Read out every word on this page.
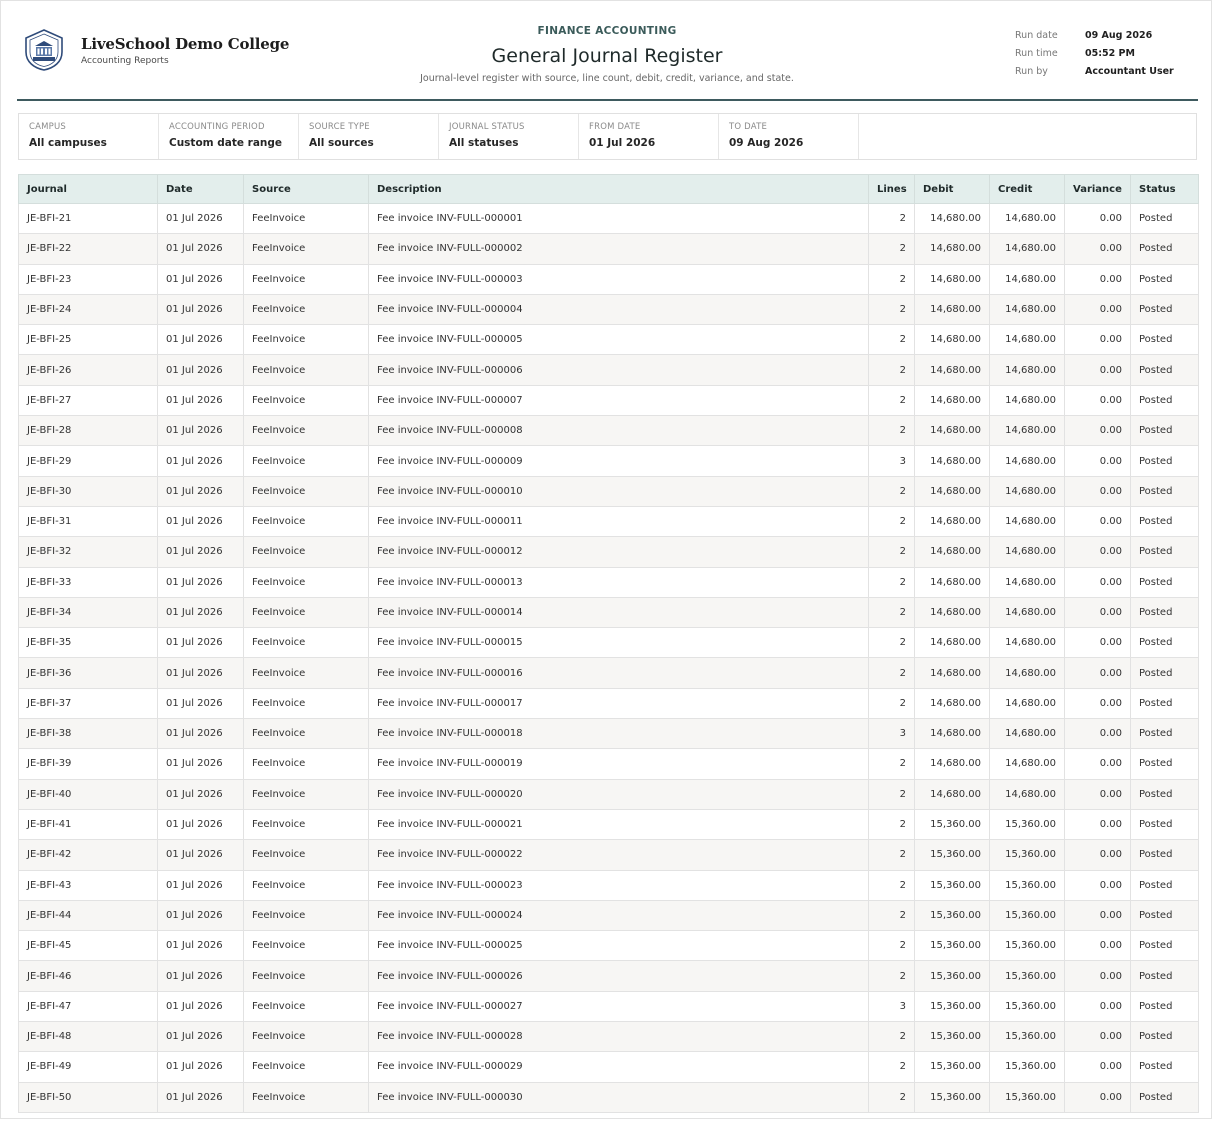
LiveSchool Demo College
Accounting Reports
FINANCE ACCOUNTING
General Journal Register
Journal-level register with source, line count, debit, credit, variance, and state.
Run date	09 Aug 2026
Run time	05:52 PM
Run by	Accountant User
CAMPUS
All campuses
ACCOUNTING PERIOD
Custom date range
SOURCE TYPE
All sources
JOURNAL STATUS
All statuses
FROM DATE
01 Jul 2026
TO DATE
09 Aug 2026
Journal	Date	Source	Description	Lines	Debit	Credit	Variance	Status
JE-BFI-21	01 Jul 2026	FeeInvoice	Fee invoice INV-FULL-000001	2	14,680.00	14,680.00	0.00	Posted
JE-BFI-22	01 Jul 2026	FeeInvoice	Fee invoice INV-FULL-000002	2	14,680.00	14,680.00	0.00	Posted
JE-BFI-23	01 Jul 2026	FeeInvoice	Fee invoice INV-FULL-000003	2	14,680.00	14,680.00	0.00	Posted
JE-BFI-24	01 Jul 2026	FeeInvoice	Fee invoice INV-FULL-000004	2	14,680.00	14,680.00	0.00	Posted
JE-BFI-25	01 Jul 2026	FeeInvoice	Fee invoice INV-FULL-000005	2	14,680.00	14,680.00	0.00	Posted
JE-BFI-26	01 Jul 2026	FeeInvoice	Fee invoice INV-FULL-000006	2	14,680.00	14,680.00	0.00	Posted
JE-BFI-27	01 Jul 2026	FeeInvoice	Fee invoice INV-FULL-000007	2	14,680.00	14,680.00	0.00	Posted
JE-BFI-28	01 Jul 2026	FeeInvoice	Fee invoice INV-FULL-000008	2	14,680.00	14,680.00	0.00	Posted
JE-BFI-29	01 Jul 2026	FeeInvoice	Fee invoice INV-FULL-000009	3	14,680.00	14,680.00	0.00	Posted
JE-BFI-30	01 Jul 2026	FeeInvoice	Fee invoice INV-FULL-000010	2	14,680.00	14,680.00	0.00	Posted
JE-BFI-31	01 Jul 2026	FeeInvoice	Fee invoice INV-FULL-000011	2	14,680.00	14,680.00	0.00	Posted
JE-BFI-32	01 Jul 2026	FeeInvoice	Fee invoice INV-FULL-000012	2	14,680.00	14,680.00	0.00	Posted
JE-BFI-33	01 Jul 2026	FeeInvoice	Fee invoice INV-FULL-000013	2	14,680.00	14,680.00	0.00	Posted
JE-BFI-34	01 Jul 2026	FeeInvoice	Fee invoice INV-FULL-000014	2	14,680.00	14,680.00	0.00	Posted
JE-BFI-35	01 Jul 2026	FeeInvoice	Fee invoice INV-FULL-000015	2	14,680.00	14,680.00	0.00	Posted
JE-BFI-36	01 Jul 2026	FeeInvoice	Fee invoice INV-FULL-000016	2	14,680.00	14,680.00	0.00	Posted
JE-BFI-37	01 Jul 2026	FeeInvoice	Fee invoice INV-FULL-000017	2	14,680.00	14,680.00	0.00	Posted
JE-BFI-38	01 Jul 2026	FeeInvoice	Fee invoice INV-FULL-000018	3	14,680.00	14,680.00	0.00	Posted
JE-BFI-39	01 Jul 2026	FeeInvoice	Fee invoice INV-FULL-000019	2	14,680.00	14,680.00	0.00	Posted
JE-BFI-40	01 Jul 2026	FeeInvoice	Fee invoice INV-FULL-000020	2	14,680.00	14,680.00	0.00	Posted
JE-BFI-41	01 Jul 2026	FeeInvoice	Fee invoice INV-FULL-000021	2	15,360.00	15,360.00	0.00	Posted
JE-BFI-42	01 Jul 2026	FeeInvoice	Fee invoice INV-FULL-000022	2	15,360.00	15,360.00	0.00	Posted
JE-BFI-43	01 Jul 2026	FeeInvoice	Fee invoice INV-FULL-000023	2	15,360.00	15,360.00	0.00	Posted
JE-BFI-44	01 Jul 2026	FeeInvoice	Fee invoice INV-FULL-000024	2	15,360.00	15,360.00	0.00	Posted
JE-BFI-45	01 Jul 2026	FeeInvoice	Fee invoice INV-FULL-000025	2	15,360.00	15,360.00	0.00	Posted
JE-BFI-46	01 Jul 2026	FeeInvoice	Fee invoice INV-FULL-000026	2	15,360.00	15,360.00	0.00	Posted
JE-BFI-47	01 Jul 2026	FeeInvoice	Fee invoice INV-FULL-000027	3	15,360.00	15,360.00	0.00	Posted
JE-BFI-48	01 Jul 2026	FeeInvoice	Fee invoice INV-FULL-000028	2	15,360.00	15,360.00	0.00	Posted
JE-BFI-49	01 Jul 2026	FeeInvoice	Fee invoice INV-FULL-000029	2	15,360.00	15,360.00	0.00	Posted
JE-BFI-50	01 Jul 2026	FeeInvoice	Fee invoice INV-FULL-000030	2	15,360.00	15,360.00	0.00	Posted
